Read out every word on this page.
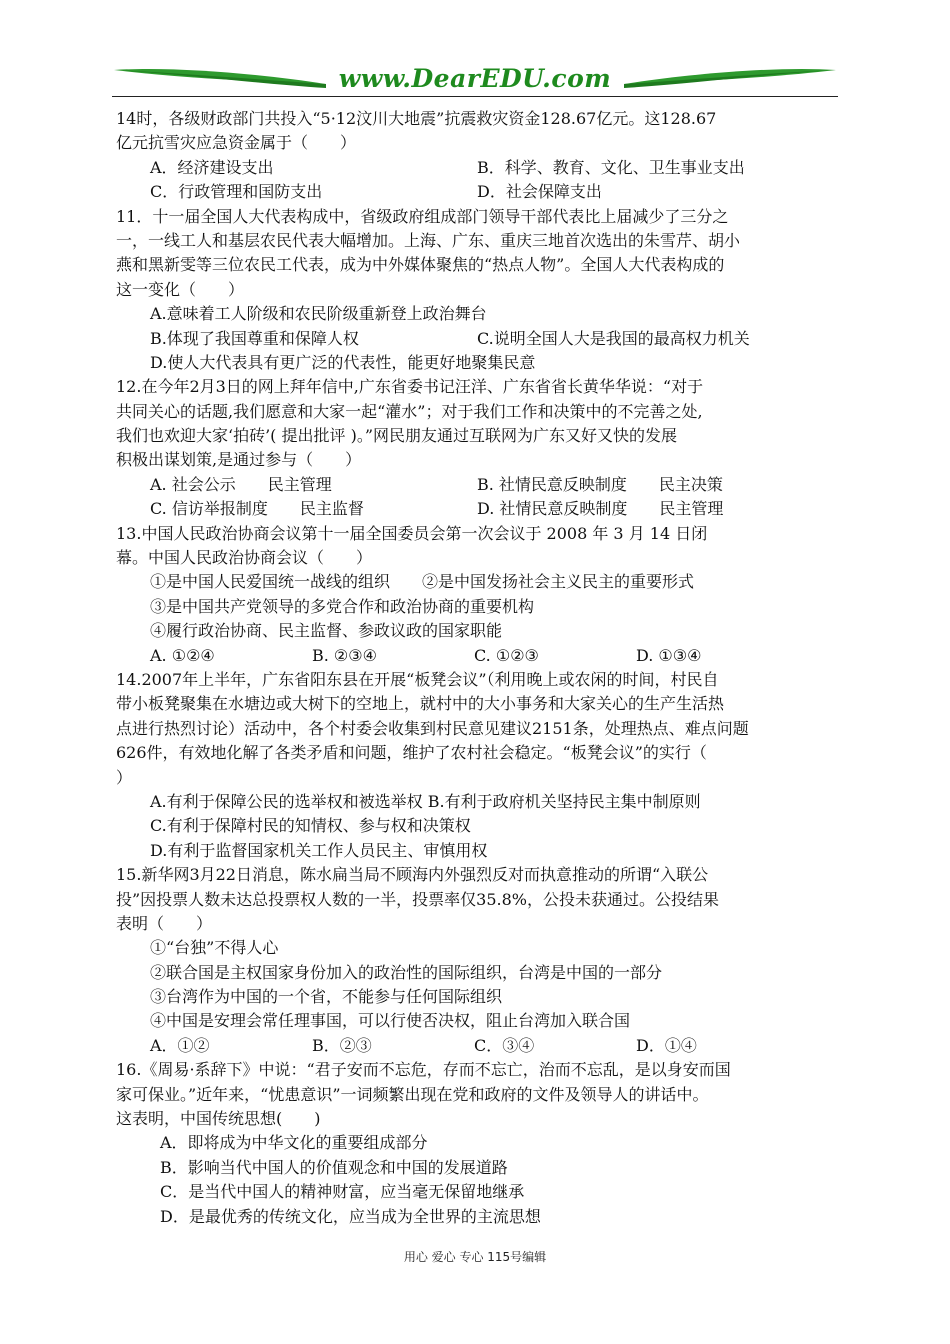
www.DearEDU.com
14时，各级财政部门共投入“5·12汶川大地震”抗震救灾资金128.67亿元。这128.67
亿元抗雪灾应急资金属于（　　）
A．经济建设支出	B．科学、教育、文化、卫生事业支出
C．行政管理和国防支出	D．社会保障支出
11．十一届全国人大代表构成中，省级政府组成部门领导干部代表比上届减少了三分之
一，一线工人和基层农民代表大幅增加。上海、广东、重庆三地首次选出的朱雪芹、胡小
燕和黑新雯等三位农民工代表，成为中外媒体聚焦的“热点人物”。全国人大代表构成的
这一变化（　　）
A.意味着工人阶级和农民阶级重新登上政治舞台
B.体现了我国尊重和保障人权	C.说明全国人大是我国的最高权力机关
D.使人大代表具有更广泛的代表性，能更好地聚集民意
12.在今年2月3日的网上拜年信中,广东省委书记汪洋、广东省省长黄华华说：“对于
共同关心的话题,我们愿意和大家一起“灌水”；对于我们工作和决策中的不完善之处,
我们也欢迎大家‘拍砖’( 提出批评 )。”网民朋友通过互联网为广东又好又快的发展
积极出谋划策,是通过参与（　　）
A. 社会公示　　民主管理	B. 社情民意反映制度　　民主决策
C. 信访举报制度　　民主监督	D. 社情民意反映制度　　民主管理
13.中国人民政治协商会议第十一届全国委员会第一次会议于 2008 年 3 月 14 日闭
幕。中国人民政治协商会议（　　）
①是中国人民爱国统一战线的组织　　②是中国发扬社会主义民主的重要形式
③是中国共产党领导的多党合作和政治协商的重要机构
④履行政治协商、民主监督、参政议政的国家职能
A. ①②④	B. ②③④	C. ①②③	D. ①③④
14.2007年上半年，广东省阳东县在开展“板凳会议”（利用晚上或农闲的时间，村民自
带小板凳聚集在水塘边或大树下的空地上，就村中的大小事务和大家关心的生产生活热
点进行热烈讨论）活动中，各个村委会收集到村民意见建议2151条，处理热点、难点问题
626件，有效地化解了各类矛盾和问题，维护了农村社会稳定。“板凳会议”的实行（
）
A.有利于保障公民的选举权和被选举权 B.有利于政府机关坚持民主集中制原则
C.有利于保障村民的知情权、参与权和决策权
D.有利于监督国家机关工作人员民主、审慎用权
15.新华网3月22日消息，陈水扁当局不顾海内外强烈反对而执意推动的所谓“入联公
投”因投票人数未达总投票权人数的一半，投票率仅35.8%，公投未获通过。公投结果
表明（　　）
①“台独”不得人心
②联合国是主权国家身份加入的政治性的国际组织，台湾是中国的一部分
③台湾作为中国的一个省，不能参与任何国际组织
④中国是安理会常任理事国，可以行使否决权，阻止台湾加入联合国
A．①②	B．②③	C．③④	D．①④
16.《周易·系辞下》中说：“君子安而不忘危，存而不忘亡，治而不忘乱，是以身安而国
家可保业。”近年来，“忧患意识”一词频繁出现在党和政府的文件及领导人的讲话中。
这表明，中国传统思想(　　)
A．即将成为中华文化的重要组成部分
B．影响当代中国人的价值观念和中国的发展道路
C．是当代中国人的精神财富，应当毫无保留地继承
D．是最优秀的传统文化，应当成为全世界的主流思想
用心 爱心 专心 115号编辑
